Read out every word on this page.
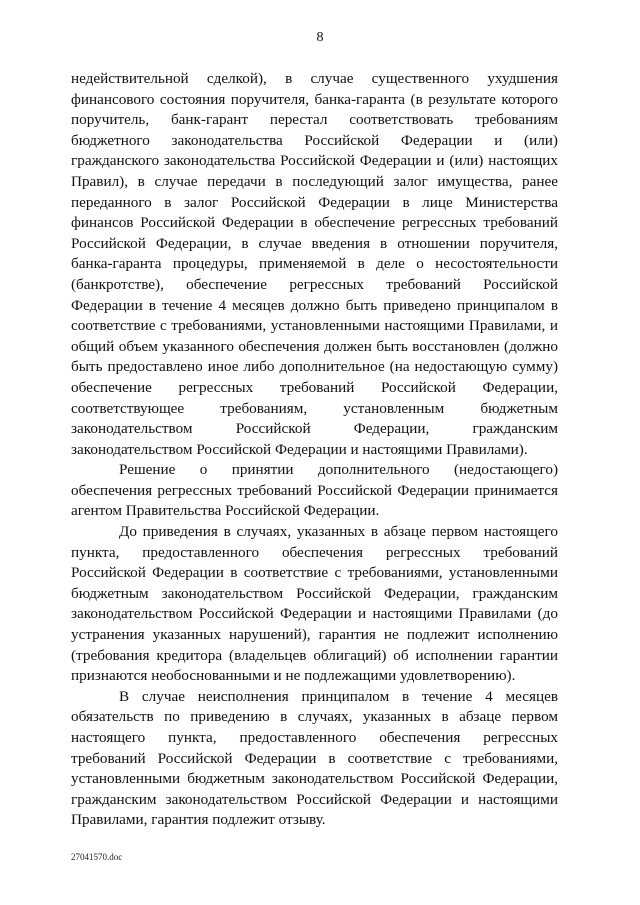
8

недействительной сделкой), в случае существенного ухудшения финансового состояния поручителя, банка-гаранта (в результате которого поручитель, банк-гарант перестал соответствовать требованиям бюджетного законодательства Российской Федерации и (или) гражданского законодательства Российской Федерации и (или) настоящих Правил), в случае передачи в последующий залог имущества, ранее переданного в залог Российской Федерации в лице Министерства финансов Российской Федерации в обеспечение регрессных требований Российской Федерации, в случае введения в отношении поручителя, банка-гаранта процедуры, применяемой в деле о несостоятельности (банкротстве), обеспечение регрессных требований Российской Федерации в течение 4 месяцев должно быть приведено принципалом в соответствие с требованиями, установленными настоящими Правилами, и общий объем указанного обеспечения должен быть восстановлен (должно быть предоставлено иное либо дополнительное (на недостающую сумму) обеспечение регрессных требований Российской Федерации, соответствующее требованиям, установленным бюджетным законодательством Российской Федерации, гражданским законодательством Российской Федерации и настоящими Правилами).

Решение о принятии дополнительного (недостающего) обеспечения регрессных требований Российской Федерации принимается агентом Правительства Российской Федерации.

До приведения в случаях, указанных в абзаце первом настоящего пункта, предоставленного обеспечения регрессных требований Российской Федерации в соответствие с требованиями, установленными бюджетным законодательством Российской Федерации, гражданским законодательством Российской Федерации и настоящими Правилами (до устранения указанных нарушений), гарантия не подлежит исполнению (требования кредитора (владельцев облигаций) об исполнении гарантии признаются необоснованными и не подлежащими удовлетворению).

В случае неисполнения принципалом в течение 4 месяцев обязательств по приведению в случаях, указанных в абзаце первом настоящего пункта, предоставленного обеспечения регрессных требований Российской Федерации в соответствие с требованиями, установленными бюджетным законодательством Российской Федерации, гражданским законодательством Российской Федерации и настоящими Правилами, гарантия подлежит отзыву.

27041570.doc
